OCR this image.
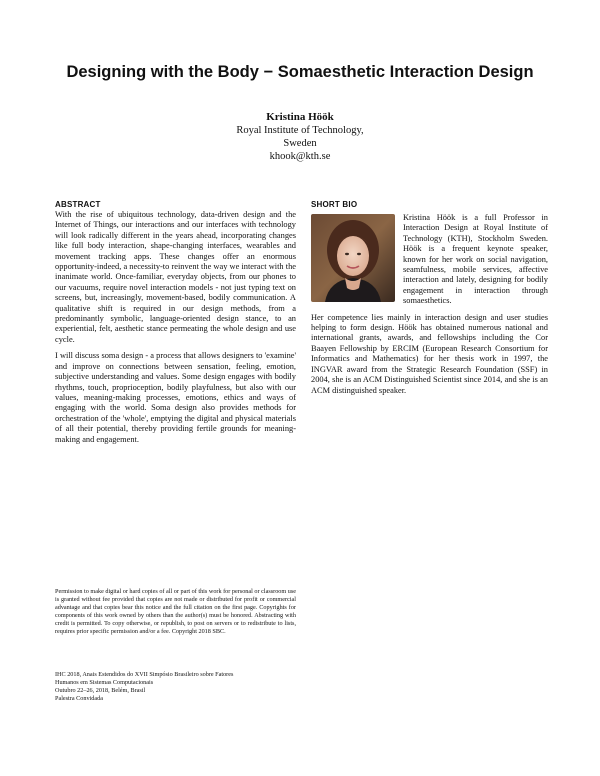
Designing with the Body − Somaesthetic Interaction Design
Kristina Höök
Royal Institute of Technology,
Sweden
khook@kth.se
ABSTRACT

With the rise of ubiquitous technology, data-driven design and the Internet of Things, our interactions and our interfaces with technology will look radically different in the years ahead, incorporating changes like full body interaction, shape-changing interfaces, wearables and movement tracking apps. These changes offer an enormous opportunity-indeed, a necessity-to reinvent the way we interact with the inanimate world. Once-familiar, everyday objects, from our phones to our vacuums, require novel interaction models - not just typing text on screens, but, increasingly, movement-based, bodily communication. A qualitative shift is required in our design methods, from a predominantly symbolic, language-oriented design stance, to an experiential, felt, aesthetic stance permeating the whole design and use cycle.

I will discuss soma design - a process that allows designers to 'examine' and improve on connections between sensation, feeling, emotion, subjective understanding and values. Some design engages with bodily rhythms, touch, proprioception, bodily playfulness, but also with our values, meaning-making processes, emotions, ethics and ways of engaging with the world. Soma design also provides methods for orchestration of the 'whole', emptying the digital and physical materials of all their potential, thereby providing fertile grounds for meaning-making and engagement.

SHORT BIO

Kristina Höök is a full Professor in Interaction Design at Royal Institute of Technology (KTH), Stockholm Sweden. Höök is a frequent keynote speaker, known for her work on social navigation, seamfulness, mobile services, affective interaction and lately, designing for bodily engagement in interaction through somaesthetics.

Her competence lies mainly in interaction design and user studies helping to form design. Höök has obtained numerous national and international grants, awards, and fellowships including the Cor Baayen Fellowship by ERCIM (European Research Consortium for Informatics and Mathematics) for her thesis work in 1997, the INGVAR award from the Strategic Research Foundation (SSF) in 2004, she is an ACM Distinguished Scientist since 2014, and she is an ACM distinguished speaker.

Permission to make digital or hard copies of all or part of this work for personal or classroom use is granted without fee provided that copies are not made or distributed for profit or commercial advantage and that copies bear this notice and the full citation on the first page. Copyrights for components of this work owned by others than the author(s) must be honored. Abstracting with credit is permitted. To copy otherwise, or republish, to post on servers or to redistribute to lists, requires prior specific permission and/or a fee. Copyright 2018 SBC.

IHC 2018, Anais Estendidos do XVII Simpósio Brasileiro sobre Fatores
Humanos em Sistemas Computacionais
Outubro 22–26, 2018, Belém, Brasil
Palestra Convidada
